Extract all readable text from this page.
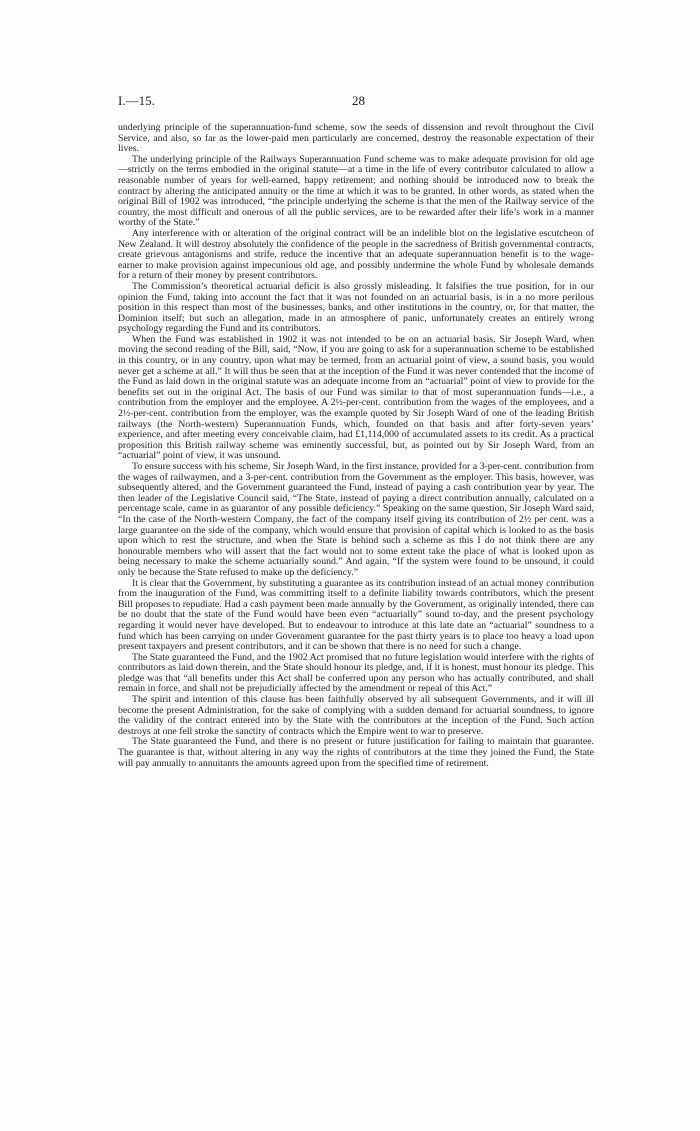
I.—15.	28

underlying principle of the superannuation-fund scheme, sow the seeds of dissension and revolt throughout the Civil Service, and also, so far as the lower-paid men particularly are concerned, destroy the reasonable expectation of their lives.

The underlying principle of the Railways Superannuation Fund scheme was to make adequate provision for old age—strictly on the terms embodied in the original statute—at a time in the life of every contributor calculated to allow a reasonable number of years for well-earned, happy retirement; and nothing should be introduced now to break the contract by altering the anticipated annuity or the time at which it was to be granted. In other words, as stated when the original Bill of 1902 was introduced, “the principle underlying the scheme is that the men of the Railway service of the country, the most difficult and onerous of all the public services, are to be rewarded after their life’s work in a manner worthy of the State.”

Any interference with or alteration of the original contract will be an indelible blot on the legislative escutcheon of New Zealand. It will destroy absolutely the confidence of the people in the sacredness of British governmental contracts, create grievous antagonisms and strife, reduce the incentive that an adequate superannuation benefit is to the wage-earner to make provision against impecunious old age, and possibly undermine the whole Fund by wholesale demands for a return of their money by present contributors.

The Commission’s theoretical actuarial deficit is also grossly misleading. It falsifies the true position, for in our opinion the Fund, taking into account the fact that it was not founded on an actuarial basis, is in a no more perilous position in this respect than most of the businesses, banks, and other institutions in the country, or, for that matter, the Dominion itself; but such an allegation, made in an atmosphere of panic, unfortunately creates an entirely wrong psychology regarding the Fund and its contributors.

When the Fund was established in 1902 it was not intended to be on an actuarial basis. Sir Joseph Ward, when moving the second reading of the Bill, said, “Now, if you are going to ask for a superannuation scheme to be established in this country, or in any country, upon what may be termed, from an actuarial point of view, a sound basis, you would never get a scheme at all.” It will thus be seen that at the inception of the Fund it was never contended that the income of the Fund as laid down in the original statute was an adequate income from an “actuarial” point of view to provide for the benefits set out in the original Act. The basis of our Fund was similar to that of most superannuation funds—i.e., a contribution from the employer and the employee. A 2½-per-cent. contribution from the wages of the employees, and a 2½-per-cent. contribution from the employer, was the example quoted by Sir Joseph Ward of one of the leading British railways (the North-western) Superannuation Funds, which, founded on that basis and after forty-seven years’ experience, and after meeting every conceivable claim, had £1,114,000 of accumulated assets to its credit. As a practical proposition this British railway scheme was eminently successful, but, as pointed out by Sir Joseph Ward, from an “actuarial” point of view, it was unsound.

To ensure success with his scheme, Sir Joseph Ward, in the first instance, provided for a 3-per-cent. contribution from the wages of railwaymen, and a 3-per-cent. contribution from the Government as the employer. This basis, however, was subsequently altered, and the Government guaranteed the Fund, instead of paying a cash contribution year by year. The then leader of the Legislative Council said, “The State, instead of paying a direct contribution annually, calculated on a percentage scale, came in as guarantor of any possible deficiency.” Speaking on the same question, Sir Joseph Ward said, “In the case of the North-western Company, the fact of the company itself giving its contribution of 2½ per cent. was a large guarantee on the side of the company, which would ensure that provision of capital which is looked to as the basis upon which to rest the structure, and when the State is behind such a scheme as this I do not think there are any honourable members who will assert that the fact would not to some extent take the place of what is looked upon as being necessary to make the scheme actuarially sound.” And again, “If the system were found to be unsound, it could only be because the State refused to make up the deficiency.”

It is clear that the Government, by substituting a guarantee as its contribution instead of an actual money contribution from the inauguration of the Fund, was committing itself to a definite liability towards contributors, which the present Bill proposes to repudiate. Had a cash payment been made annually by the Government, as originally intended, there can be no doubt that the state of the Fund would have been even “actuarially” sound to-day, and the present psychology regarding it would never have developed. But to endeavour to introduce at this late date an “actuarial” soundness to a fund which has been carrying on under Government guarantee for the past thirty years is to place too heavy a load upon present taxpayers and present contributors, and it can be shown that there is no need for such a change.

The State guaranteed the Fund, and the 1902 Act promised that no future legislation would interfere with the rights of contributors as laid down therein, and the State should honour its pledge, and, if it is honest, must honour its pledge. This pledge was that “all benefits under this Act shall be conferred upon any person who has actually contributed, and shall remain in force, and shall not be prejudicially affected by the amendment or repeal of this Act.”

The spirit and intention of this clause has been faithfully observed by all subsequent Governments, and it will ill become the present Administration, for the sake of complying with a sudden demand for actuarial soundness, to ignore the validity of the contract entered into by the State with the contributors at the inception of the Fund. Such action destroys at one fell stroke the sanctity of contracts which the Empire went to war to preserve.

The State guaranteed the Fund, and there is no present or future justification for failing to maintain that guarantee. The guarantee is that, without altering in any way the rights of contributors at the time they joined the Fund, the State will pay annually to annuitants the amounts agreed upon from the specified time of retirement.
